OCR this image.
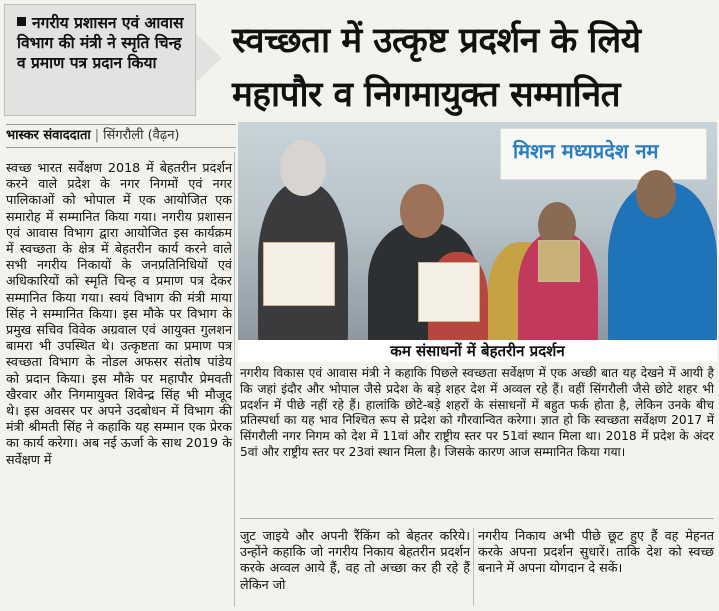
नगरीय प्रशासन एवं आवास विभाग की मंत्री ने स्मृति चिन्ह व प्रमाण पत्र प्रदान किया
स्वच्छता में उत्कृष्ट प्रदर्शन के लिये
महापौर व निगमायुक्त सम्मानित
भास्कर संवाददाता | सिंगरौली (वैढ़न)
मिशन मध्यप्रदेश नम
कम संसाधनों में बेहतरीन प्रदर्शन
स्वच्छ भारत सर्वेक्षण 2018 में बेहतरीन प्रदर्शन करने वाले प्रदेश के नगर निगमों एवं नगर पालिकाओं को भोपाल में एक आयोजित एक समारोह में सम्मानित किया गया। नगरीय प्रशासन एवं आवास विभाग द्वारा आयोजित इस कार्यक्रम में स्वच्छता के क्षेत्र में बेहतरीन कार्य करने वाले सभी नगरीय निकायों के जनप्रतिनिधियों एवं अधिकारियों को स्मृति चिन्ह व प्रमाण पत्र देकर सम्मानित किया गया। स्वयं विभाग की मंत्री माया सिंह ने सम्मानित किया। इस मौके पर विभाग के प्रमुख सचिव विवेक अग्रवाल एवं आयुक्त गुलशन बामरा भी उपस्थित थे। उत्कृष्टता का प्रमाण पत्र स्वच्छता विभाग के नोडल अफसर संतोष पांडेय को प्रदान किया। इस मौके पर महापौर प्रेमवती खैरवार और निगमायुक्त शिवेन्द्र सिंह भी मौजूद थे। इस अवसर पर अपने उदबोधन में विभाग की मंत्री श्रीमती सिंह ने कहाकि यह सम्मान एक प्रेरक का कार्य करेगा। अब नई ऊर्जा के साथ 2019 के सर्वेक्षण में
नगरीय विकास एवं आवास मंत्री ने कहाकि पिछले स्वच्छता सर्वेक्षण में एक अच्छी बात यह देखने में आयी है कि जहां इंदौर और भोपाल जैसे प्रदेश के बड़े शहर देश में अव्वल रहे हैं। वहीं सिंगरौली जैसे छोटे शहर भी प्रदर्शन में पीछे नहीं रहे हैं। हालांकि छोटे-बड़े शहरों के संसाधनों में बहुत फर्क होता है, लेकिन उनके बीच प्रतिस्पर्धा का यह भाव निश्चित रूप से प्रदेश को गौरवान्वित करेगा। ज्ञात हो कि स्वच्छता सर्वेक्षण 2017 में सिंगरौली नगर निगम को देश में 11वां और राष्ट्रीय स्तर पर 51वां स्थान मिला था। 2018 में प्रदेश के अंदर 5वां और राष्ट्रीय स्तर पर 23वां स्थान मिला है। जिसके कारण आज सम्मानित किया गया।
जुट जाइये और अपनी रैंकिंग को बेहतर करिये। उन्होंने कहाकि जो नगरीय निकाय बेहतरीन प्रदर्शन करके अव्वल आये हैं, वह तो अच्छा कर ही रहे हैं लेकिन जो
नगरीय निकाय अभी पीछे छूट हुए हैं वह मेहनत करके अपना प्रदर्शन सुधारें। ताकि देश को स्वच्छ बनाने में अपना योगदान दे सकें।
